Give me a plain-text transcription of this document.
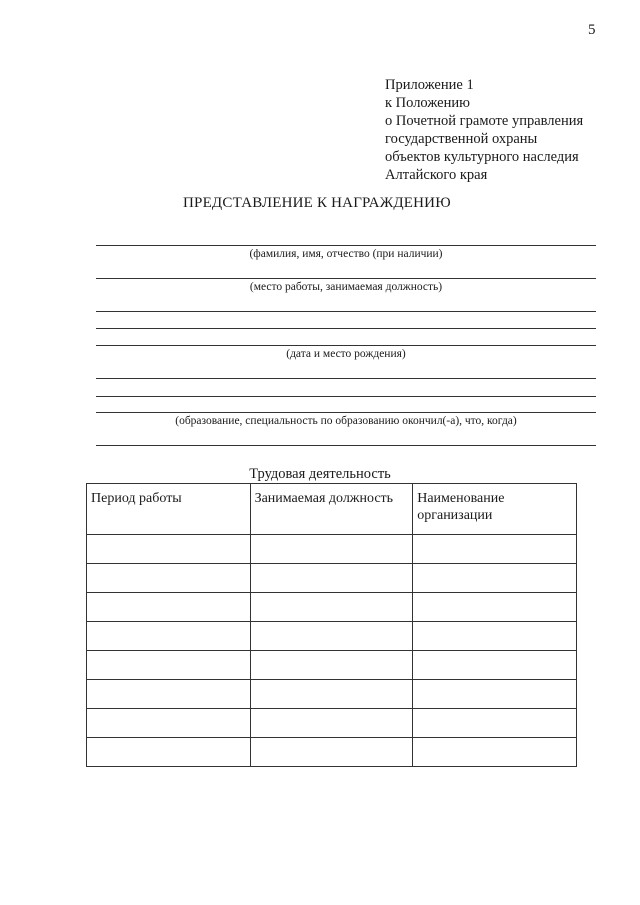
5
Приложение 1
к Положению
о Почетной грамоте управления
государственной охраны
объектов культурного наследия
Алтайского края
ПРЕДСТАВЛЕНИЕ К НАГРАЖДЕНИЮ
(фамилия, имя, отчество (при наличии)
(место работы, занимаемая должность)
(дата и место рождения)
(образование, специальность по образованию окончил(-а), что, когда)
Трудовая деятельность
Период работы	Занимаемая должность	Наименование организации
